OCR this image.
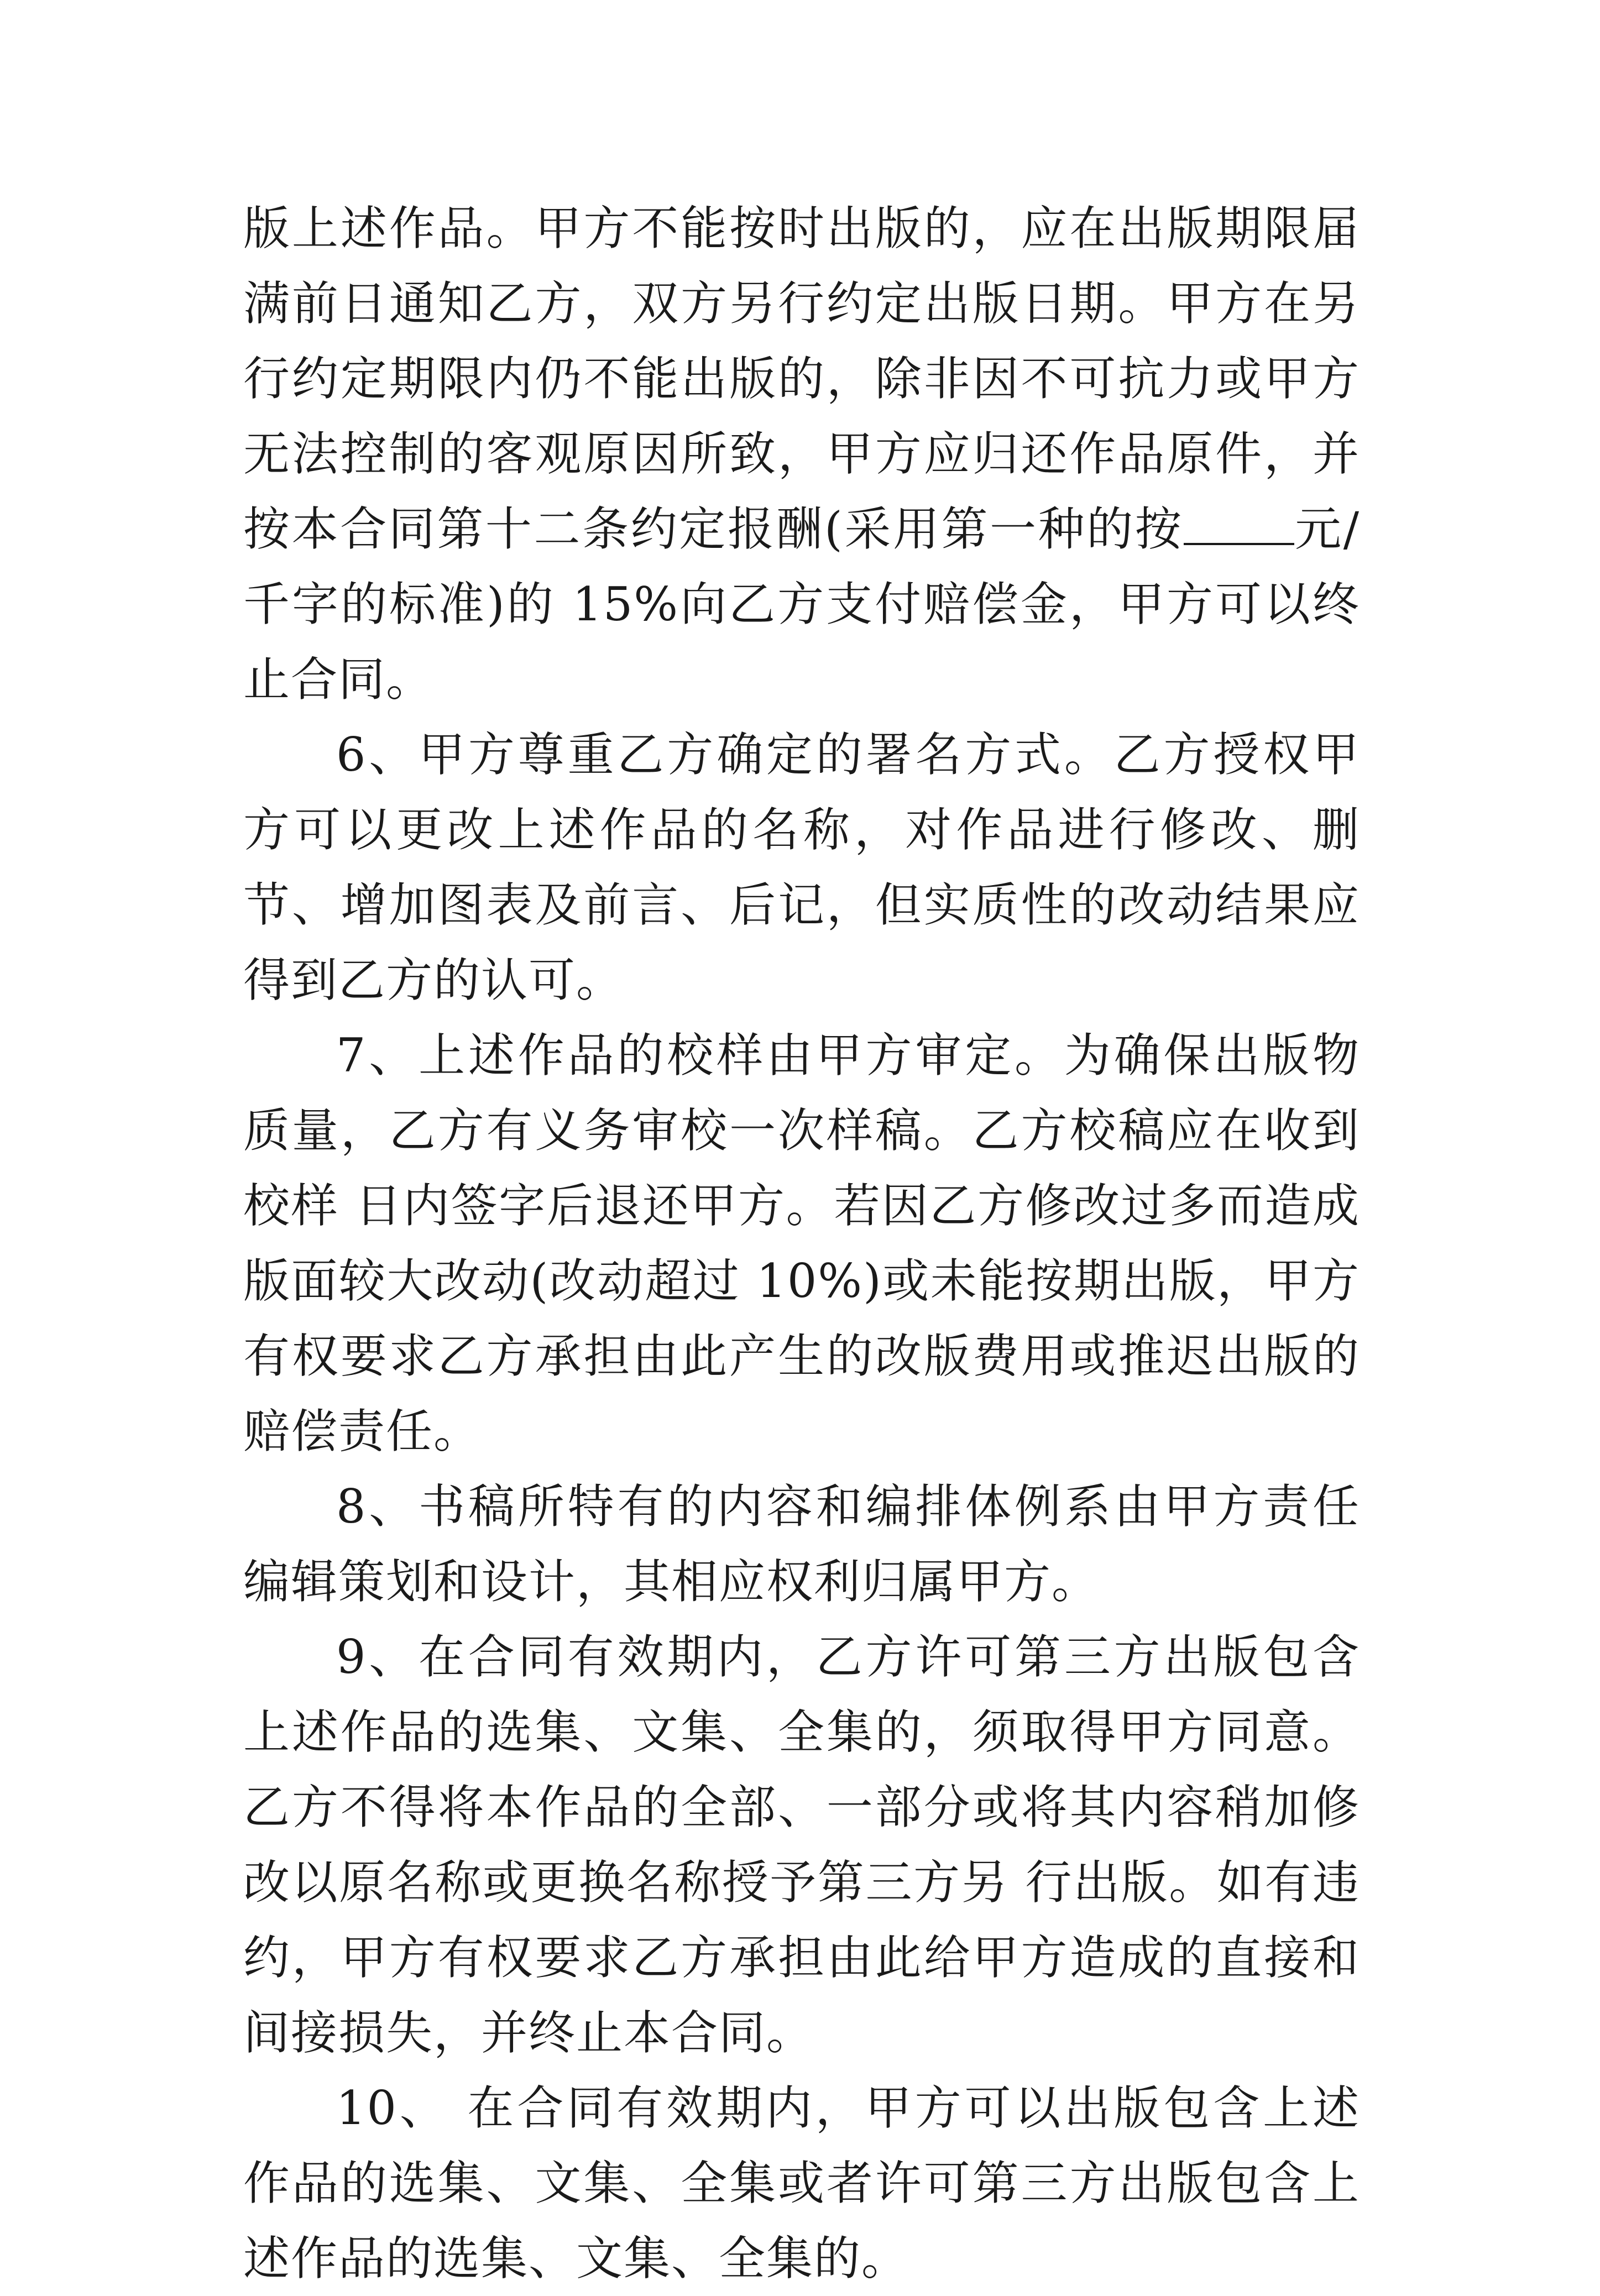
版上述作品。甲方不能按时出版的，应在出版期限届满前日通知乙方，双方另行约定出版日期。甲方在另行约定期限内仍不能出版的，除非因不可抗力或甲方无法控制的客观原因所致，甲方应归还作品原件，并按本合同第十二条约定报酬(采用第一种的按 元/千字的标准)的 15%向乙方支付赔偿金，甲方可以终止合同。

6、甲方尊重乙方确定的署名方式。乙方授权甲方可以更改上述作品的名称，对作品进行修改、删节、增加图表及前言、后记，但实质性的改动结果应得到乙方的认可。

7、上述作品的校样由甲方审定。为确保出版物质量，乙方有义务审校一次样稿。乙方校稿应在收到校样 日内签字后退还甲方。若因乙方修改过多而造成版面较大改动(改动超过 10%)或未能按期出版，甲方有权要求乙方承担由此产生的改版费用或推迟出版的赔偿责任。

8、书稿所特有的内容和编排体例系由甲方责任编辑策划和设计，其相应权利归属甲方。

9、在合同有效期内，乙方许可第三方出版包含上述作品的选集、文集、全集的，须取得甲方同意。乙方不得将本作品的全部、一部分或将其内容稍加修改以原名称或更换名称授予第三方另 行出版。如有违约，甲方有权要求乙方承担由此给甲方造成的直接和间接损失，并终止本合同。

10、 在合同有效期内，甲方可以出版包含上述作品的选集、文集、全集或者许可第三方出版包含上述作品的选集、文集、全集的。
